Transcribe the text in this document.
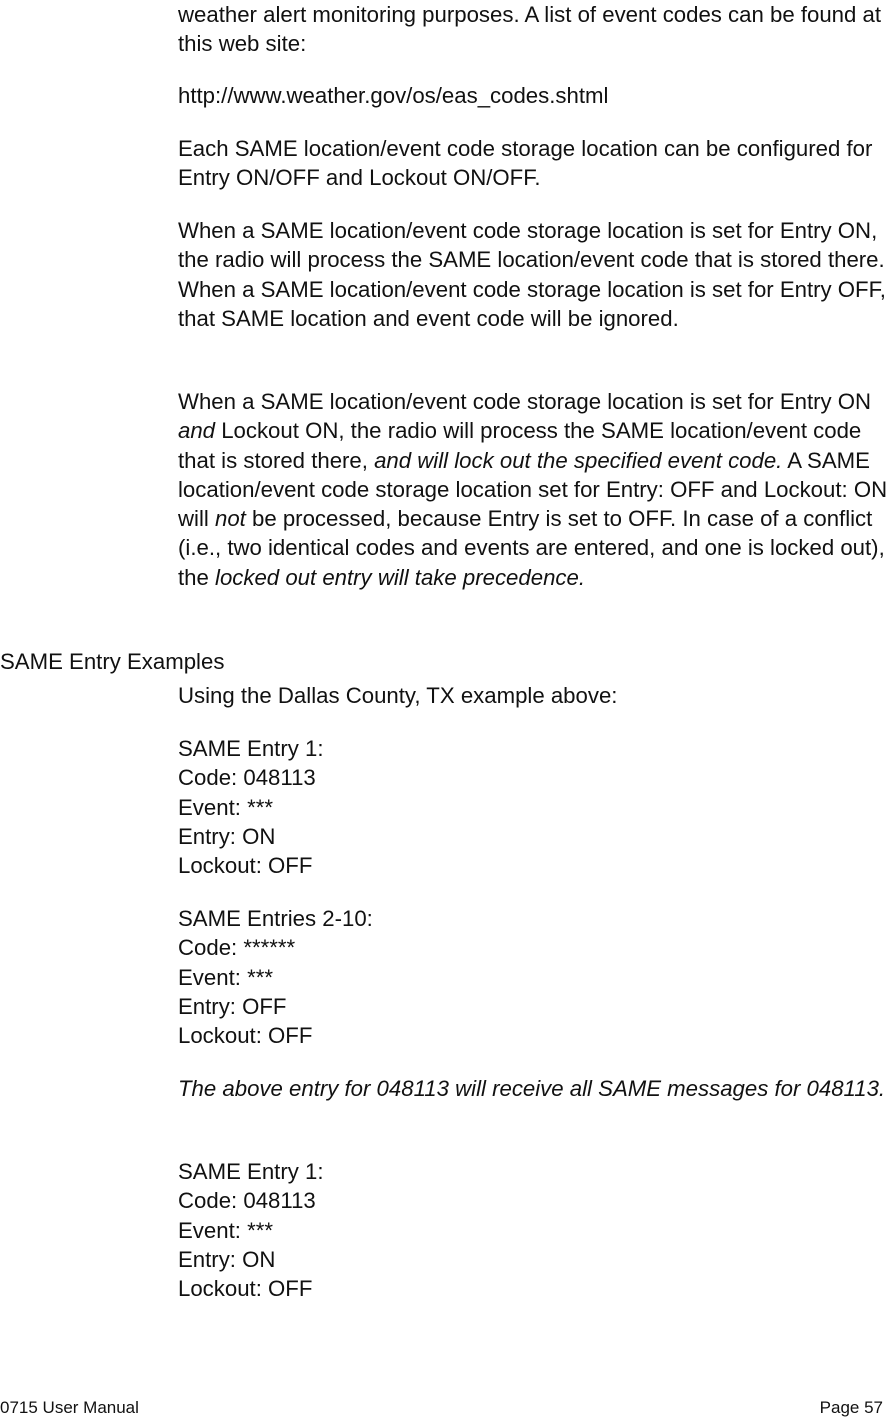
weather alert monitoring purposes. A list of event codes can be found at this web site:

http://www.weather.gov/os/eas_codes.shtml

Each SAME location/event code storage location can be configured for Entry ON/OFF and Lockout ON/OFF.

When a SAME location/event code storage location is set for Entry ON, the radio will process the SAME location/event code that is stored there. When a SAME location/event code storage location is set for Entry OFF, that SAME location and event code will be ignored.

When a SAME location/event code storage location is set for Entry ON and Lockout ON, the radio will process the SAME location/event code that is stored there, and will lock out the specified event code. A SAME location/event code storage location set for Entry: OFF and Lockout: ON will not be processed, because Entry is set to OFF. In case of a conflict (i.e., two identical codes and events are entered, and one is locked out), the locked out entry will take precedence.

SAME Entry Examples

Using the Dallas County, TX example above:

SAME Entry 1:
Code: 048113
Event: ***
Entry: ON
Lockout: OFF

SAME Entries 2-10:
Code: ******
Event: ***
Entry: OFF
Lockout: OFF

The above entry for 048113 will receive all SAME messages for 048113.

SAME Entry 1:
Code: 048113
Event: ***
Entry: ON
Lockout: OFF

0715 User Manual	Page 57
